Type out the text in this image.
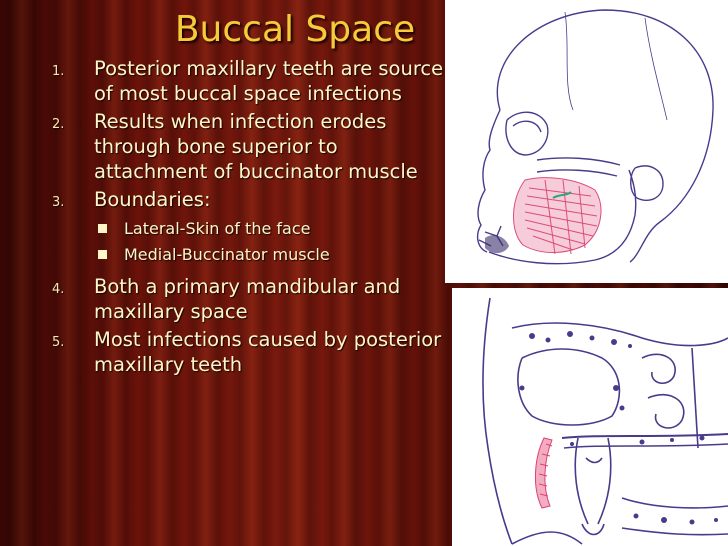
Buccal Space
1. Posterior maxillary teeth are source of most buccal space infections
2. Results when infection erodes through bone superior to attachment of buccinator muscle
3. Boundaries:
Lateral-Skin of the face
Medial-Buccinator muscle
4. Both a primary mandibular and maxillary space
5. Most infections caused by posterior maxillary teeth
